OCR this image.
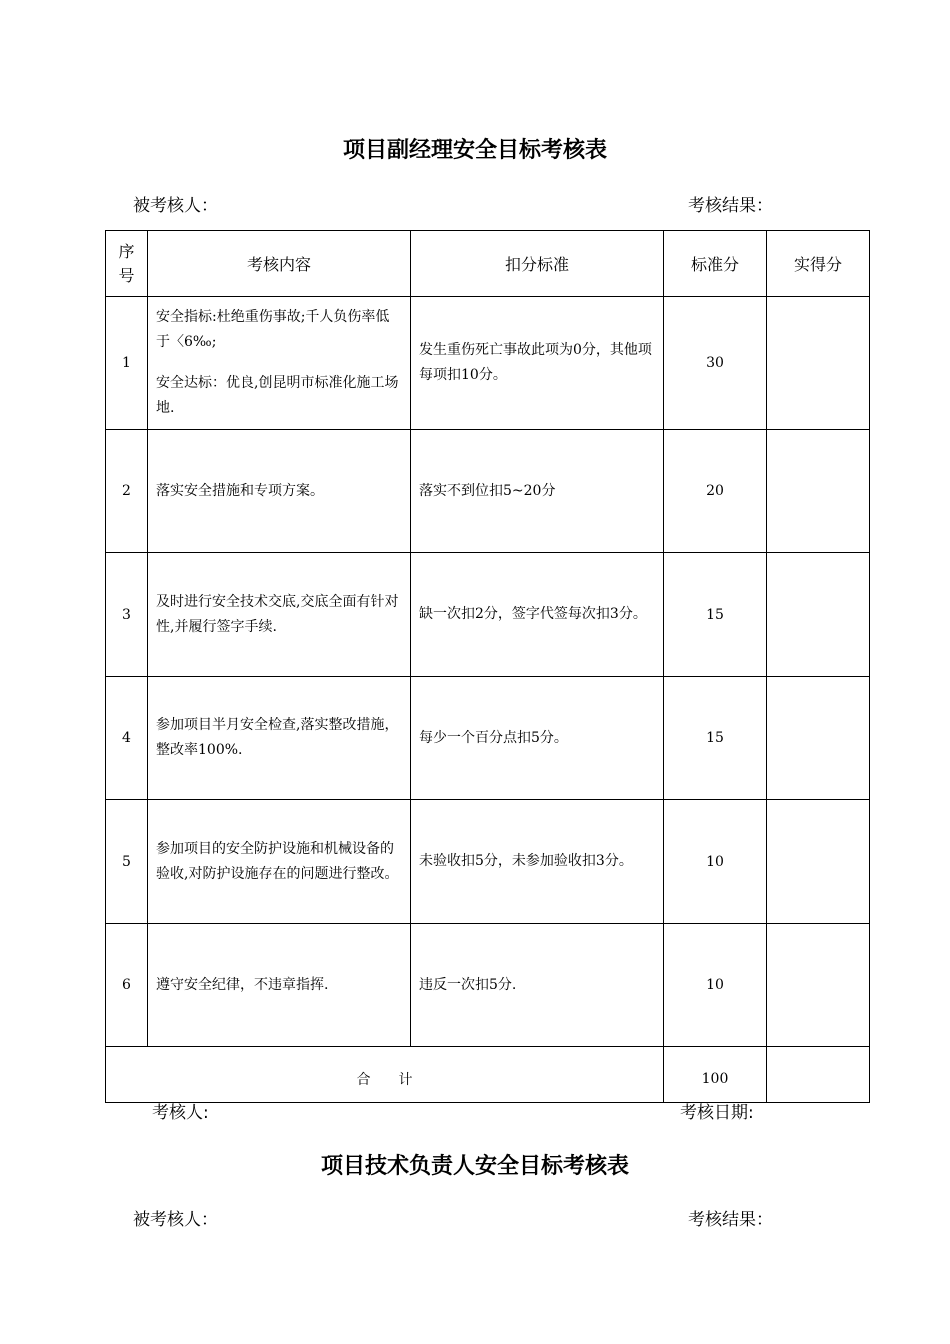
项目副经理安全目标考核表
被考核人：	考核结果：
序号	考核内容	扣分标准	标准分	实得分
1	安全指标:杜绝重伤事故;千人负伤率低于〈6‰;

安全达标：优良,创昆明市标准化施工场地.	发生重伤死亡事故此项为0分，其他项每项扣10分。	30	
2	落实安全措施和专项方案。	落实不到位扣5~20分	20	
3	及时进行安全技术交底,交底全面有针对性,并履行签字手续.	缺一次扣2分，签字代签每次扣3分。	15	
4	参加项目半月安全检查,落实整改措施，整改率100%.	每少一个百分点扣5分。	15	
5	参加项目的安全防护设施和机械设备的验收,对防护设施存在的问题进行整改。	未验收扣5分，未参加验收扣3分。	10	
6	遵守安全纪律，不违章指挥.	违反一次扣5分.	10	
合　　计			100	
考核人:	考核日期:
项目技术负责人安全目标考核表
被考核人：	考核结果：
